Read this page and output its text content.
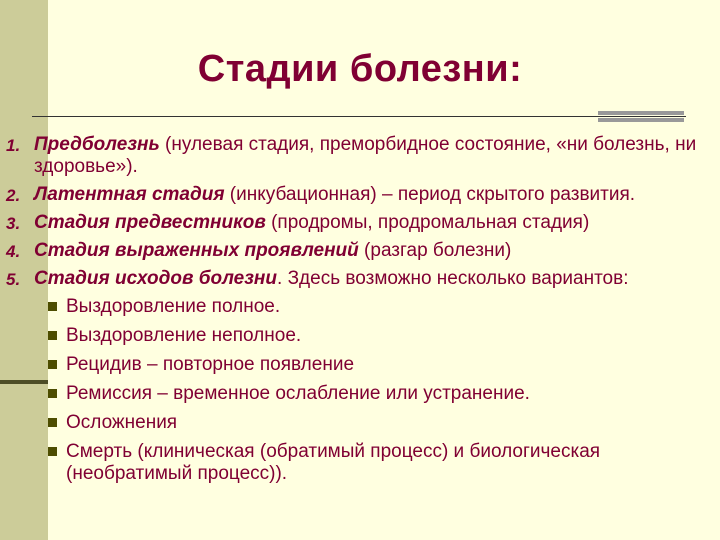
Стадии болезни:
1. Предболезнь (нулевая стадия, преморбидное состояние, «ни болезнь, ни здоровье»).
2. Латентная стадия (инкубационная) – период скрытого развития.
3. Стадия предвестников (продромы, продромальная стадия)
4. Стадия выраженных проявлений (разгар болезни)
5. Стадия исходов болезни. Здесь возможно несколько вариантов:
Выздоровление полное.
Выздоровление неполное.
Рецидив – повторное появление
Ремиссия – временное ослабление или устранение.
Осложнения
Смерть (клиническая (обратимый процесс) и биологическая (необратимый процесс)).
